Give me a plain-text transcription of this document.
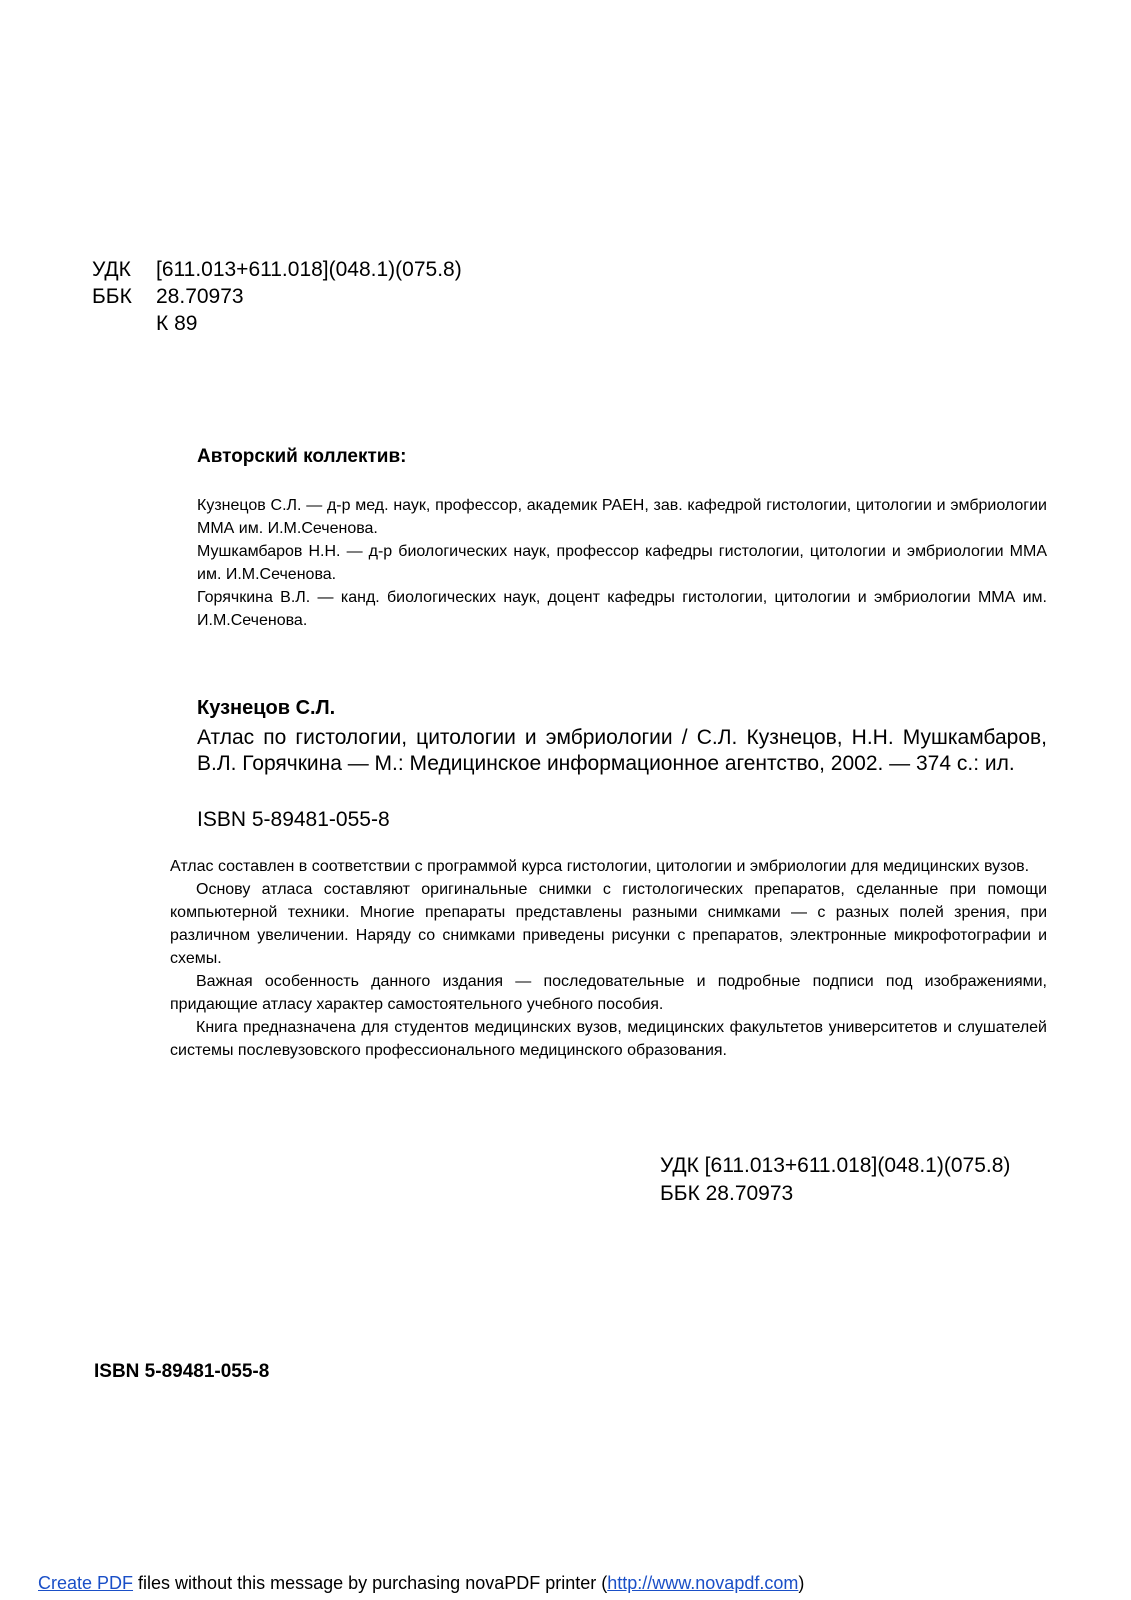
УДК	[611.013+611.018](048.1)(075.8)
ББК	28.70973
К 89
Авторский коллектив:

Кузнецов С.Л. — д-р мед. наук, профессор, академик РАЕН, зав. кафедрой гистологии, цитологии и эмбриологии ММА им. И.М.Сеченова.

Мушкамбаров Н.Н. — д-р биологических наук, профессор кафедры гистологии, цитологии и эмбриологии ММА им. И.М.Сеченова.

Горячкина В.Л. — канд. биологических наук, доцент кафедры гистологии, цитологии и эмбриологии ММА им. И.М.Сеченова.

Кузнецов С.Л.

Атлас по гистологии, цитологии и эмбриологии / С.Л. Кузнецов, Н.Н. Мушкамбаров, В.Л. Горячкина — М.: Медицинское информационное агентство, 2002. — 374 с.: ил.

ISBN 5-89481-055-8

Атлас составлен в соответствии с программой курса гистологии, цитологии и эмбриологии для медицинских вузов.

Основу атласа составляют оригинальные снимки с гистологических препаратов, сделанные при помощи компьютерной техники. Многие препараты представлены разными снимками — с разных полей зрения, при различном увеличении. Наряду со снимками приведены рисунки с препаратов, электронные микрофотографии и схемы.

Важная особенность данного издания — последовательные и подробные подписи под изображениями, придающие атласу характер самостоятельного учебного пособия.

Книга предназначена для студентов медицинских вузов, медицинских факультетов университетов и слушателей системы послевузовского профессионального медицинского образования.

УДК [611.013+611.018](048.1)(075.8)
ББК 28.70973
ISBN 5-89481-055-8
Create PDF files without this message by purchasing novaPDF printer (http://www.novapdf.com)
